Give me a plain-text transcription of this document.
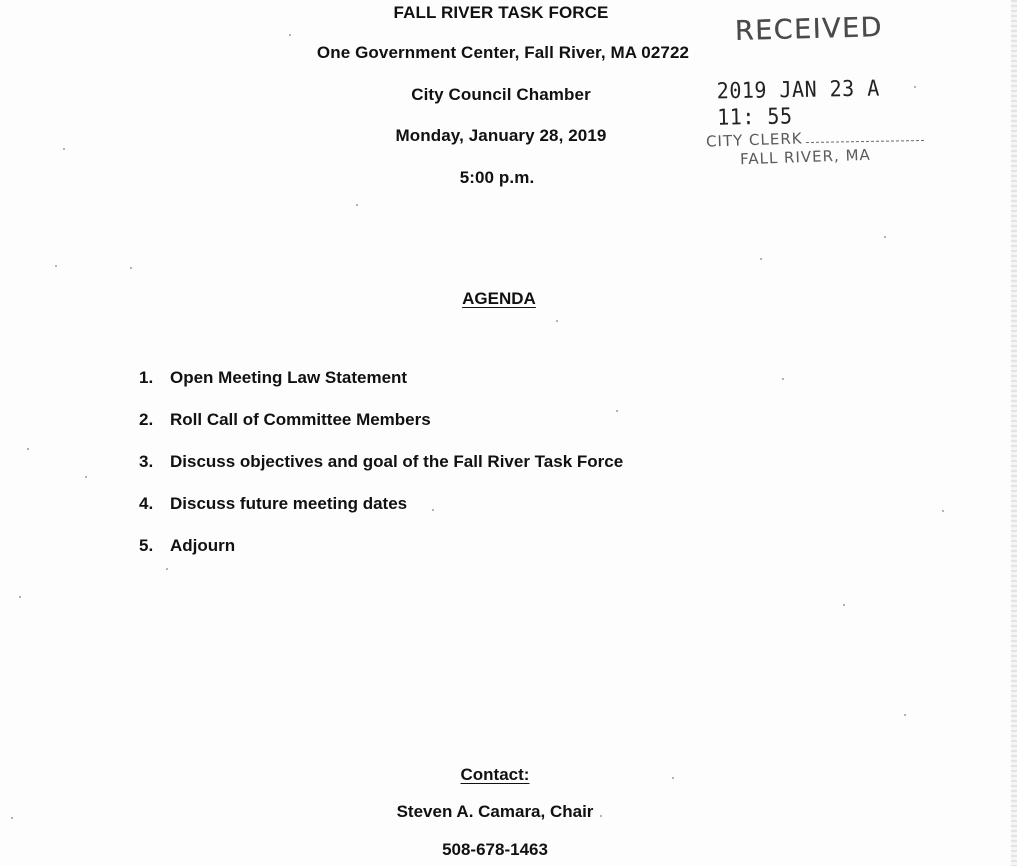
FALL RIVER TASK FORCE
One Government Center, Fall River, MA 02722
City Council Chamber
Monday, January 28, 2019
5:00 p.m.
RECEIVED
2019 JAN 23 A 11: 55
CITY CLERK
FALL RIVER, MA
AGENDA
1. Open Meeting Law Statement
2. Roll Call of Committee Members
3. Discuss objectives and goal of the Fall River Task Force
4. Discuss future meeting dates
5. Adjourn
Contact:
Steven A. Camara, Chair
508-678-1463
